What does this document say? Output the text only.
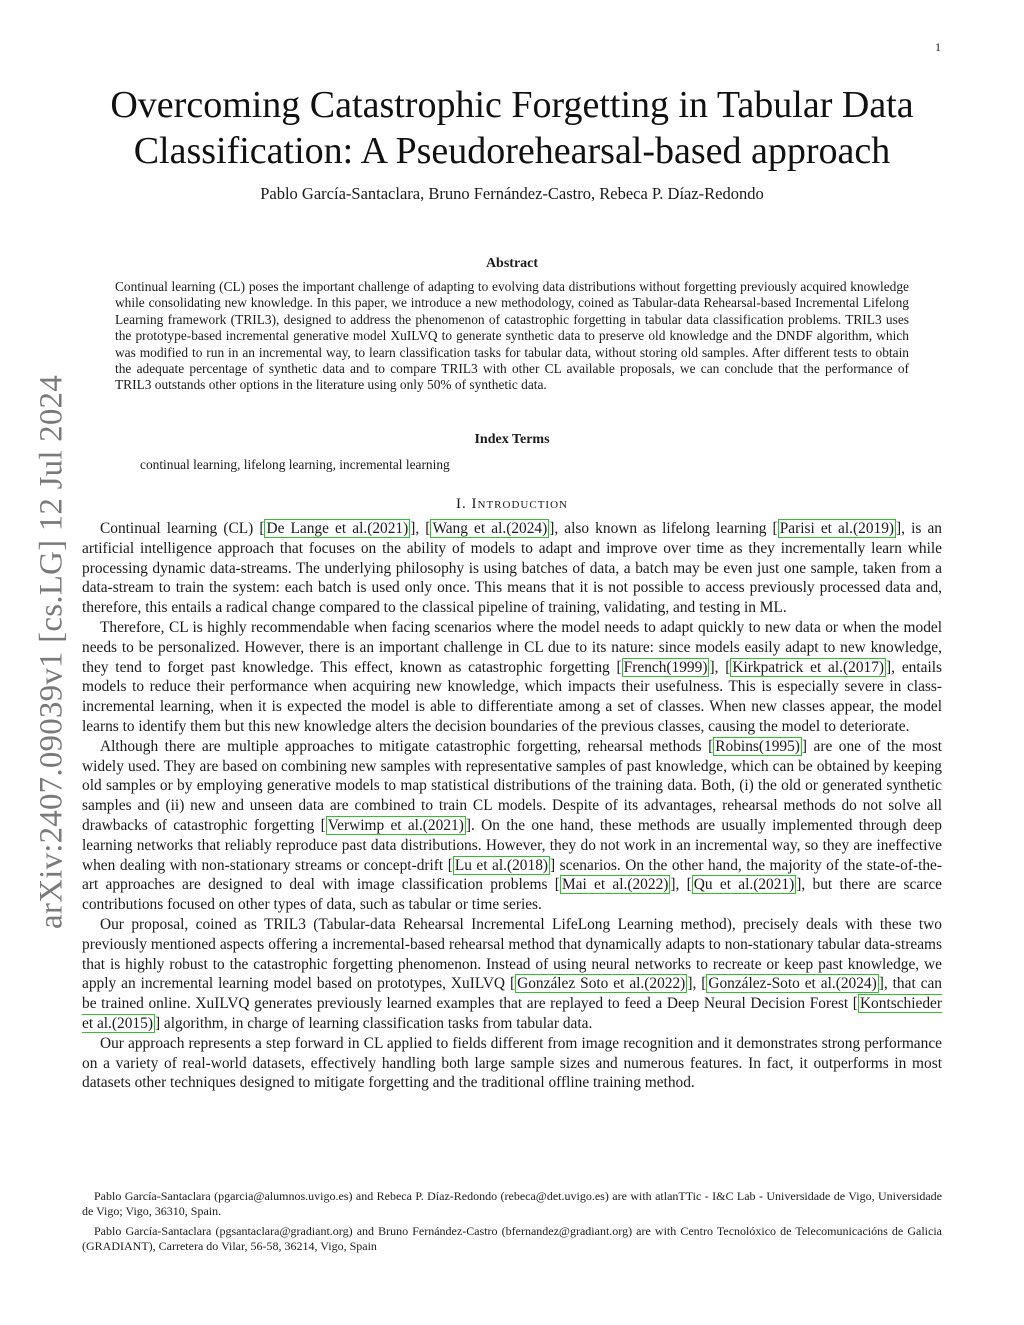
1
arXiv:2407.09039v1 [cs.LG] 12 Jul 2024
Overcoming Catastrophic Forgetting in Tabular Data Classification: A Pseudorehearsal-based approach
Pablo García-Santaclara, Bruno Fernández-Castro, Rebeca P. Díaz-Redondo
Abstract

Continual learning (CL) poses the important challenge of adapting to evolving data distributions without forgetting previously acquired knowledge while consolidating new knowledge. In this paper, we introduce a new methodology, coined as Tabular-data Rehearsal-based Incremental Lifelong Learning framework (TRIL3), designed to address the phenomenon of catastrophic forgetting in tabular data classification problems. TRIL3 uses the prototype-based incremental generative model XuILVQ to generate synthetic data to preserve old knowledge and the DNDF algorithm, which was modified to run in an incremental way, to learn classification tasks for tabular data, without storing old samples. After different tests to obtain the adequate percentage of synthetic data and to compare TRIL3 with other CL available proposals, we can conclude that the performance of TRIL3 outstands other options in the literature using only 50% of synthetic data.

Index Terms
continual learning, lifelong learning, incremental learning
I. Introduction

Continual learning (CL) [ De Lange et al.(2021) ], [ Wang et al.(2024) ], also known as lifelong learning [ Parisi et al.(2019) ], is an artificial intelligence approach that focuses on the ability of models to adapt and improve over time as they incrementally learn while processing dynamic data-streams. The underlying philosophy is using batches of data, a batch may be even just one sample, taken from a data-stream to train the system: each batch is used only once. This means that it is not possible to access previously processed data and, therefore, this entails a radical change compared to the classical pipeline of training, validating, and testing in ML.

Therefore, CL is highly recommendable when facing scenarios where the model needs to adapt quickly to new data or when the model needs to be personalized. However, there is an important challenge in CL due to its nature: since models easily adapt to new knowledge, they tend to forget past knowledge. This effect, known as catastrophic forgetting [ French(1999) ], [ Kirkpatrick et al.(2017) ], entails models to reduce their performance when acquiring new knowledge, which impacts their usefulness. This is especially severe in class-incremental learning, when it is expected the model is able to differentiate among a set of classes. When new classes appear, the model learns to identify them but this new knowledge alters the decision boundaries of the previous classes, causing the model to deteriorate.

Although there are multiple approaches to mitigate catastrophic forgetting, rehearsal methods [ Robins(1995) ] are one of the most widely used. They are based on combining new samples with representative samples of past knowledge, which can be obtained by keeping old samples or by employing generative models to map statistical distributions of the training data. Both, (i) the old or generated synthetic samples and (ii) new and unseen data are combined to train CL models. Despite of its advantages, rehearsal methods do not solve all drawbacks of catastrophic forgetting [ Verwimp et al.(2021) ]. On the one hand, these methods are usually implemented through deep learning networks that reliably reproduce past data distributions. However, they do not work in an incremental way, so they are ineffective when dealing with non-stationary streams or concept-drift [ Lu et al.(2018) ] scenarios. On the other hand, the majority of the state-of-the-art approaches are designed to deal with image classification problems [ Mai et al.(2022) ], [ Qu et al.(2021) ], but there are scarce contributions focused on other types of data, such as tabular or time series.

Our proposal, coined as TRIL3 (Tabular-data Rehearsal Incremental LifeLong Learning method), precisely deals with these two previously mentioned aspects offering a incremental-based rehearsal method that dynamically adapts to non-stationary tabular data-streams that is highly robust to the catastrophic forgetting phenomenon. Instead of using neural networks to recreate or keep past knowledge, we apply an incremental learning model based on prototypes, XuILVQ [ González Soto et al.(2022) ], [ González-Soto et al.(2024) ], that can be trained online. XuILVQ generates previously learned examples that are replayed to feed a Deep Neural Decision Forest [ Kontschieder et al.(2015) ] algorithm, in charge of learning classification tasks from tabular data.

Our approach represents a step forward in CL applied to fields different from image recognition and it demonstrates strong performance on a variety of real-world datasets, effectively handling both large sample sizes and numerous features. In fact, it outperforms in most datasets other techniques designed to mitigate forgetting and the traditional offline training method.

Pablo García-Santaclara (pgarcia@alumnos.uvigo.es) and Rebeca P. Díaz-Redondo (rebeca@det.uvigo.es) are with atlanTTic - I&C Lab - Universidade de Vigo, Universidade de Vigo; Vigo, 36310, Spain.

Pablo García-Santaclara (pgsantaclara@gradiant.org) and Bruno Fernández-Castro (bfernandez@gradiant.org) are with Centro Tecnolóxico de Telecomunicacións de Galicia (GRADIANT), Carretera do Vilar, 56-58, 36214, Vigo, Spain
